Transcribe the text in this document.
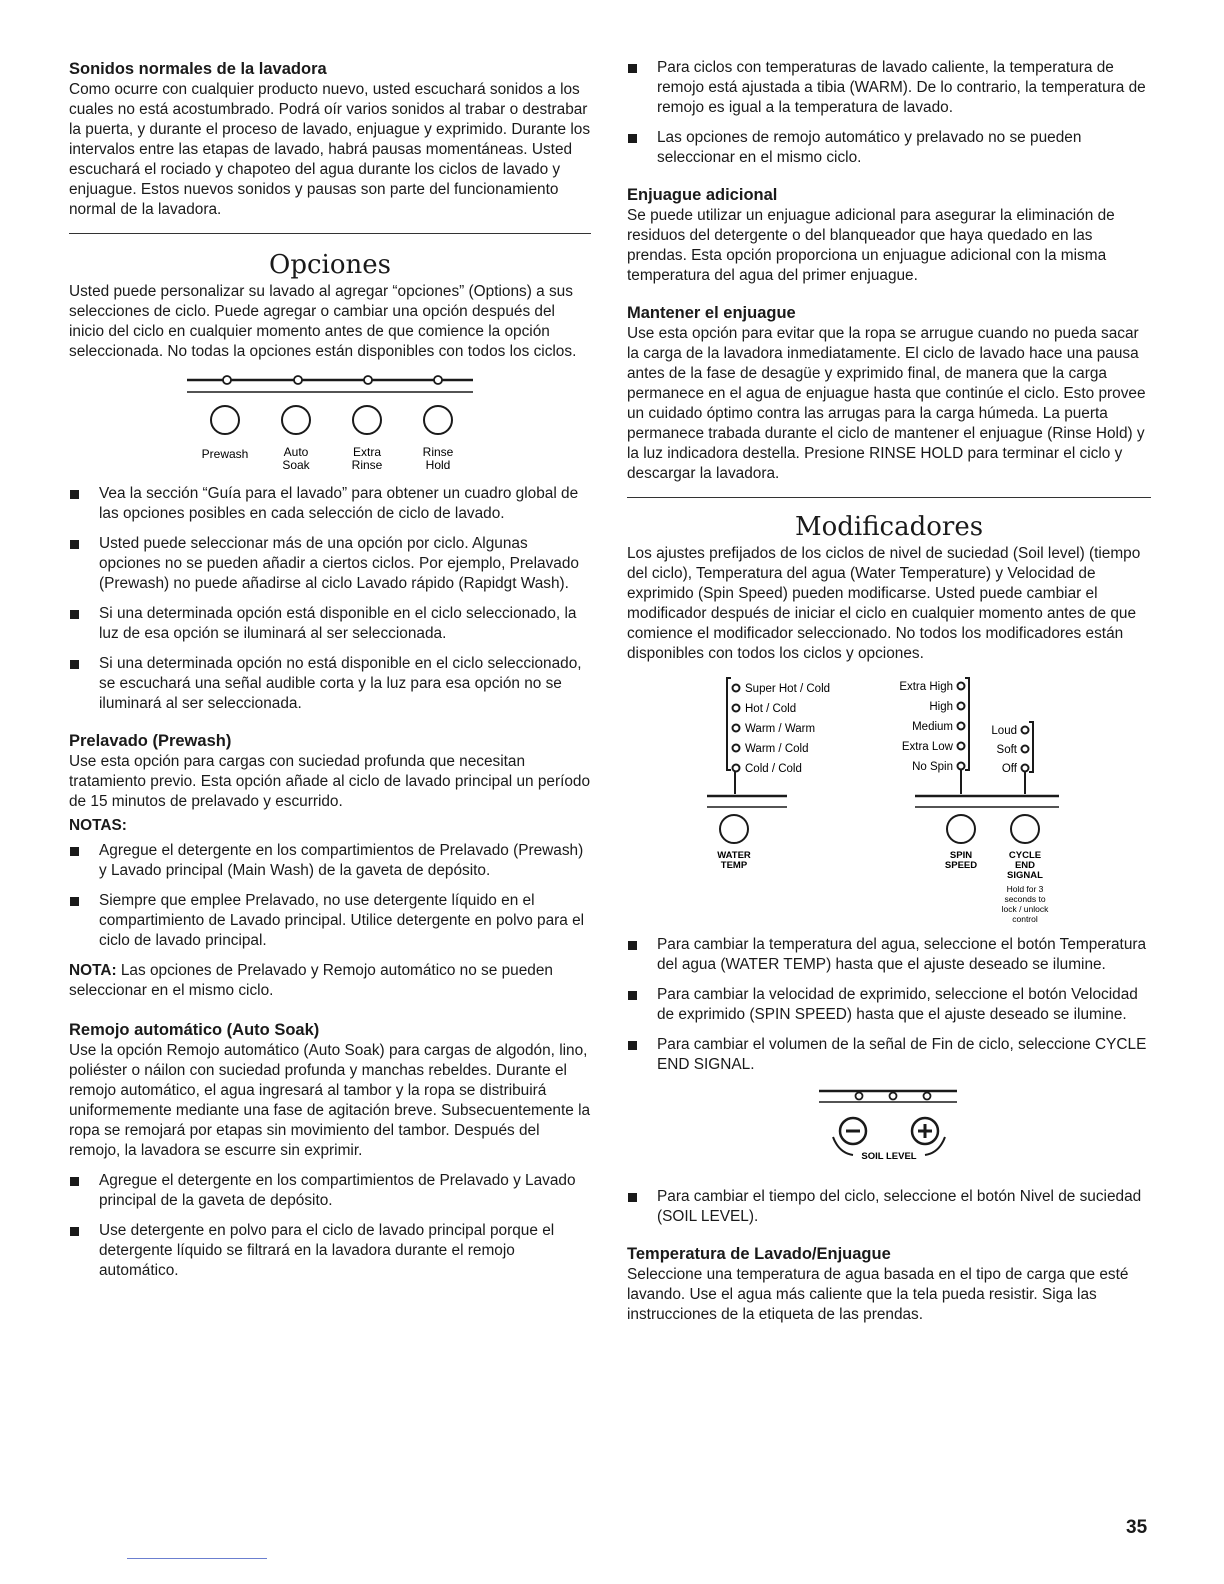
Sonidos normales de la lavadora

Como ocurre con cualquier producto nuevo, usted escuchará sonidos a los cuales no está acostumbrado. Podrá oír varios sonidos al trabar o destrabar la puerta, y durante el proceso de lavado, enjuague y exprimido. Durante los intervalos entre las etapas de lavado, habrá pausas momentáneas. Usted escuchará el rociado y chapoteo del agua durante los ciclos de lavado y enjuague. Estos nuevos sonidos y pausas son parte del funcionamiento normal de la lavadora.

Opciones

Usted puede personalizar su lavado al agregar “opciones” (Options) a sus selecciones de ciclo. Puede agregar o cambiar una opción después del inicio del ciclo en cualquier momento antes de que comience la opción seleccionada. No todas la opciones están disponibles con todos los ciclos.

Prewash	Auto
Soak
Extra
Rinse
Rinse
Hold
Vea la sección “Guía para el lavado” para obtener un cuadro global de las opciones posibles en cada selección de ciclo de lavado.
Usted puede seleccionar más de una opción por ciclo. Algunas opciones no se pueden añadir a ciertos ciclos. Por ejemplo, Prelavado (Prewash) no puede añadirse al ciclo Lavado rápido (Rapidgt Wash).
Si una determinada opción está disponible en el ciclo seleccionado, la luz de esa opción se iluminará al ser seleccionada.
Si una determinada opción no está disponible en el ciclo seleccionado, se escuchará una señal audible corta y la luz para esa opción no se iluminará al ser seleccionada.
Prelavado (Prewash)

Use esta opción para cargas con suciedad profunda que necesitan tratamiento previo. Esta opción añade al ciclo de lavado principal un período de 15 minutos de prelavado y escurrido.

NOTAS:

Agregue el detergente en los compartimientos de Prelavado (Prewash) y Lavado principal (Main Wash) de la gaveta de depósito.
Siempre que emplee Prelavado, no use detergente líquido en el compartimiento de Lavado principal. Utilice detergente en polvo para el ciclo de lavado principal.

NOTA: Las opciones de Prelavado y Remojo automático no se pueden seleccionar en el mismo ciclo.

Remojo automático (Auto Soak)

Use la opción Remojo automático (Auto Soak) para cargas de algodón, lino, poliéster o náilon con suciedad profunda y manchas rebeldes. Durante el remojo automático, el agua ingresará al tambor y la ropa se distribuirá uniformemente mediante una fase de agitación breve. Subsecuentemente la ropa se remojará por etapas sin movimiento del tambor. Después del remojo, la lavadora se escurre sin exprimir.

Agregue el detergente en los compartimientos de Prelavado y Lavado principal de la gaveta de depósito.
Use detergente en polvo para el ciclo de lavado principal porque el detergente líquido se filtrará en la lavadora durante el remojo automático.
Para ciclos con temperaturas de lavado caliente, la temperatura de remojo está ajustada a tibia (WARM). De lo contrario, la temperatura de remojo es igual a la temperatura de lavado.
Las opciones de remojo automático y prelavado no se pueden seleccionar en el mismo ciclo.
Enjuague adicional

Se puede utilizar un enjuague adicional para asegurar la eliminación de residuos del detergente o del blanqueador que haya quedado en las prendas. Esta opción proporciona un enjuague adicional con la misma temperatura del agua del primer enjuague.

Mantener el enjuague

Use esta opción para evitar que la ropa se arrugue cuando no pueda sacar la carga de la lavadora inmediatamente. El ciclo de lavado hace una pausa antes de la fase de desagüe y exprimido final, de manera que la carga permanece en el agua de enjuague hasta que continúe el ciclo. Esto provee un cuidado óptimo contra las arrugas para la carga húmeda. La puerta permanece trabada durante el ciclo de mantener el enjuague (Rinse Hold) y la luz indicadora destella. Presione RINSE HOLD para terminar el ciclo y descargar la lavadora.

Modificadores

Los ajustes prefijados de los ciclos de nivel de suciedad (Soil level) (tiempo del ciclo), Temperatura del agua (Water Temperature) y Velocidad de exprimido (Spin Speed) pueden modificarse. Usted puede cambiar el modificador después de iniciar el ciclo en cualquier momento antes de que comience el modificador seleccionado. No todos los modificadores están disponibles con todos los ciclos y opciones.

Super Hot / Cold
Hot / Cold
Warm / Warm
Warm / Cold
Cold / Cold
Extra High
High
Medium
Extra Low
No Spin
Loud
Soft
Off
WATER
TEMP
SPIN
SPEED
CYCLE
END
SIGNAL
Hold for 3
seconds to
lock / unlock
control
Para cambiar la temperatura del agua, seleccione el botón Temperatura del agua (WATER TEMP) hasta que el ajuste deseado se ilumine.
Para cambiar la velocidad de exprimido, seleccione el botón Velocidad de exprimido (SPIN SPEED) hasta que el ajuste deseado se ilumine.
Para cambiar el volumen de la señal de Fin de ciclo, seleccione CYCLE END SIGNAL.
SOIL LEVEL
Para cambiar el tiempo del ciclo, seleccione el botón Nivel de suciedad (SOIL LEVEL).
Temperatura de Lavado/Enjuague

Seleccione una temperatura de agua basada en el tipo de carga que esté lavando. Use el agua más caliente que la tela pueda resistir. Siga las instrucciones de la etiqueta de las prendas.

35
